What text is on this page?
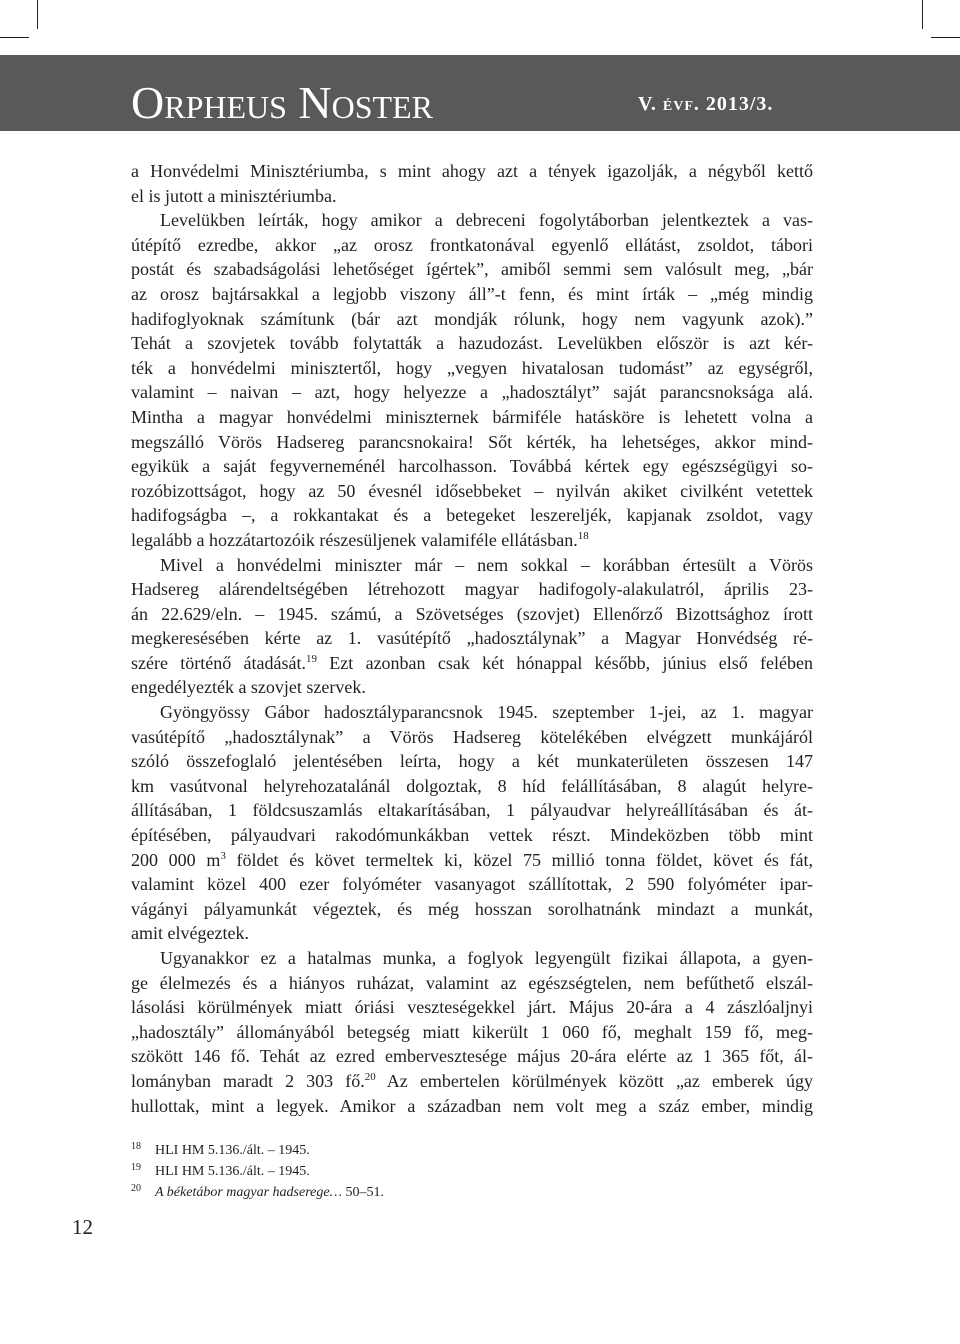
Orpheus Noster	V. évf. 2013/3.
a Honvédelmi Minisztériumba, s mint ahogy azt a tények igazolják, a négyből kettő
el is jutott a minisztériumba.
Levelükben leírták, hogy amikor a debreceni fogolytáborban jelentkeztek a vas-
útépítő ezredbe, akkor „az orosz frontkatonával egyenlő ellátást, zsoldot, tábori
postát és szabadságolási lehetőséget ígértek”, amiből semmi sem valósult meg, „bár
az orosz bajtársakkal a legjobb viszony áll”-t fenn, és mint írták – „még mindig
hadifoglyoknak számítunk (bár azt mondják rólunk, hogy nem vagyunk azok).”
Tehát a szovjetek tovább folytatták a hazudozást. Levelükben először is azt kér-
ték a honvédelmi minisztertől, hogy „vegyen hivatalosan tudomást” az egységről,
valamint – naivan – azt, hogy helyezze a „hadosztályt” saját parancsnoksága alá.
Mintha a magyar honvédelmi miniszternek bármiféle hatásköre is lehetett volna a
megszálló Vörös Hadsereg parancsnokaira! Sőt kérték, ha lehetséges, akkor mind-
egyikük a saját fegyverneménél harcolhasson. Továbbá kértek egy egészségügyi so-
rozóbizottságot, hogy az 50 évesnél idősebbeket – nyilván akiket civilként vetettek
hadifogságba –, a rokkantakat és a betegeket leszereljék, kapjanak zsoldot, vagy
legalább a hozzátartozóik részesüljenek valamiféle ellátásban.$^{18}$
Mivel a honvédelmi miniszter már – nem sokkal – korábban értesült a Vörös
Hadsereg alárendeltségében létrehozott magyar hadifogoly-alakulatról, április 23-
án 22.629/eln. – 1945. számú, a Szövetséges (szovjet) Ellenőrző Bizottsághoz írott
megkeresésében kérte az 1. vasútépítő „hadosztálynak” a Magyar Honvédség ré-
szére történő átadását.$^{19}$ Ezt azonban csak két hónappal később, június első felében
engedélyezték a szovjet szervek.
Gyöngyössy Gábor hadosztályparancsnok 1945. szeptember 1-jei, az 1. magyar
vasútépítő „hadosztálynak” a Vörös Hadsereg kötelékében elvégzett munkájáról
szóló összefoglaló jelentésében leírta, hogy a két munkaterületen összesen 147
km vasútvonal helyrehozatalánál dolgoztak, 8 híd felállításában, 8 alagút helyre-
állításában, 1 földcsuszamlás eltakarításában, 1 pályaudvar helyreállításában és át-
építésében, pályaudvari rakodómunkákban vettek részt. Mindeközben több mint
200 000 $m^3$ földet és követ termeltek ki, közel 75 millió tonna földet, követ és fát,
valamint közel 400 ezer folyóméter vasanyagot szállítottak, 2 590 folyóméter ipar-
vágányi pályamunkát végeztek, és még hosszan sorolhatnánk mindazt a munkát,
amit elvégeztek.
Ugyanakkor ez a hatalmas munka, a foglyok legyengült fizikai állapota, a gyen-
ge élelmezés és a hiányos ruházat, valamint az egészségtelen, nem befűthető elszál-
lásolási körülmények miatt óriási veszteségekkel járt. Május 20-ára a 4 zászlóaljnyi
„hadosztály” állományából betegség miatt kikerült 1 060 fő, meghalt 159 fő, meg-
szökött 146 fő. Tehát az ezred embervesztesége május 20-ára elérte az 1 365 főt, ál-
lományban maradt 2 303 fő.$^{20}$ Az embertelen körülmények között „az emberek úgy
hullottak, mint a legyek. Amikor a században nem volt meg a száz ember, mindig
18 HLI HM 5.136./ált. – 1945.
19 HLI HM 5.136./ált. – 1945.
20 A béketábor magyar hadserege… 50–51.
12
